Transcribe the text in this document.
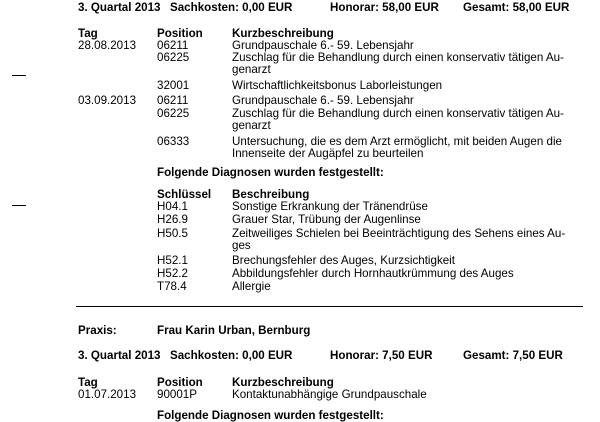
3. Quartal 2013 Sachkosten: 0,00 EUR	Honorar: 58,00 EUR Gesamt: 58,00 EUR
Tag	Position	Kurzbeschreibung
28.08.2013 06211	Grundpauschale 6.- 59. Lebensjahr
06225	Zuschlag für die Behandlung durch einen konservativ tätigen Au-
genarzt
32001	Wirtschaftlichkeitsbonus Laborleistungen
03.09.2013 06211	Grundpauschale 6.- 59. Lebensjahr
06225	Zuschlag für die Behandlung durch einen konservativ tätigen Au-
genarzt
06333	Untersuchung, die es dem Arzt ermöglicht, mit beiden Augen die
Innenseite der Augäpfel zu beurteilen
Folgende Diagnosen wurden festgestellt:
Schlüssel Beschreibung
H04.1	Sonstige Erkrankung der Tränendrüse
H26.9	Grauer Star, Trübung der Augenlinse
H50.5	Zeitweiliges Schielen bei Beeinträchtigung des Sehens eines Au-
ges
H52.1	Brechungsfehler des Auges, Kurzsichtigkeit
H52.2	Abbildungsfehler durch Hornhautkrümmung des Auges
T78.4	Allergie
Praxis:	Frau Karin Urban, Bernburg
3. Quartal 2013 Sachkosten: 0,00 EUR	Honorar: 7,50 EUR	Gesamt: 7,50 EUR
Tag	Position	Kurzbeschreibung
01.07.2013 90001P	Kontaktunabhängige Grundpauschale
Folgende Diagnosen wurden festgestellt:
